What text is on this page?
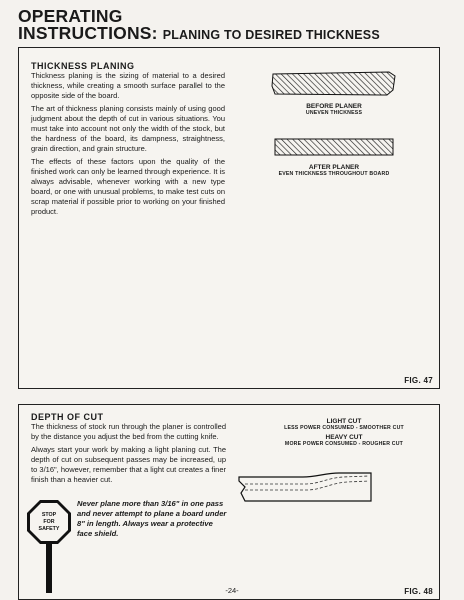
OPERATING
INSTRUCTIONS: PLANING TO DESIRED THICKNESS
THICKNESS PLANING

Thickness planing is the sizing of material to a desired thickness, while creating a smooth surface parallel to the opposite side of the board.

The art of thickness planing consists mainly of using good judgment about the depth of cut in various situations. You must take into account not only the width of the stock, but the hardness of the board, its dampness, straightness, grain direction, and grain structure.

The effects of these factors upon the quality of the finished work can only be learned through experience. It is always advisable, whenever working with a new type board, or one with unusual problems, to make test cuts on scrap material if possible prior to working on your finished product.

BEFORE PLANER
UNEVEN THICKNESS
AFTER PLANER
EVEN THICKNESS THROUGHOUT BOARD
FIG. 47
DEPTH OF CUT

The thickness of stock run through the planer is controlled by the distance you adjust the bed from the cutting knife.

Always start your work by making a light planing cut. The depth of cut on subsequent passes may be increased, up to 3/16", however, remember that a light cut creates a finer finish than a heavier cut.

LIGHT CUT
LESS POWER CONSUMED - SMOOTHER CUT
HEAVY CUT
MORE POWER CONSUMED - ROUGHER CUT
STOP
FOR
SAFETY
Never plane more than 3/16" in one pass and never attempt to plane a board under 8" in length. Always wear a protective face shield.
FIG. 48
-24-
